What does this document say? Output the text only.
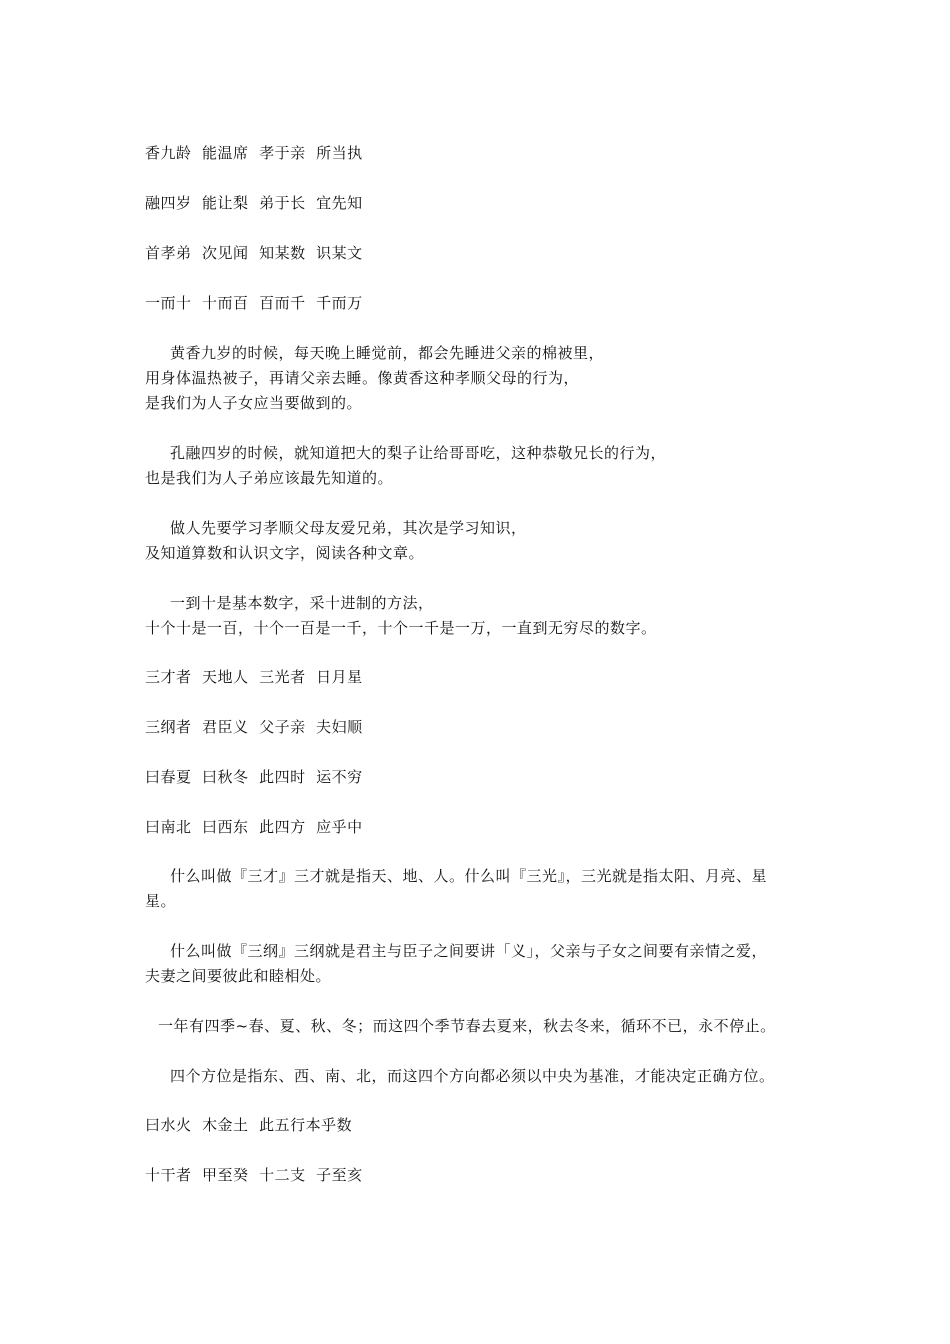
香九龄  能温席  孝于亲  所当执
融四岁  能让梨  弟于长  宜先知
首孝弟  次见闻  知某数  识某文
一而十  十而百  百而千  千而万
黄香九岁的时候，每天晚上睡觉前，都会先睡进父亲的棉被里，
用身体温热被子，再请父亲去睡。像黄香这种孝顺父母的行为，
是我们为人子女应当要做到的。
孔融四岁的时候，就知道把大的梨子让给哥哥吃，这种恭敬兄长的行为，
也是我们为人子弟应该最先知道的。
做人先要学习孝顺父母友爱兄弟，其次是学习知识，
及知道算数和认识文字，阅读各种文章。
一到十是基本数字，采十进制的方法，
十个十是一百，十个一百是一千，十个一千是一万，一直到无穷尽的数字。
三才者  天地人  三光者  日月星
三纲者  君臣义  父子亲  夫妇顺
曰春夏  曰秋冬  此四时  运不穷
曰南北  曰西东  此四方  应乎中
什么叫做『三才』三才就是指天、地、人。什么叫『三光』，三光就是指太阳、月亮、星
星。
什么叫做『三纲』三纲就是君主与臣子之间要讲「义」，父亲与子女之间要有亲情之爱，
夫妻之间要彼此和睦相处。
一年有四季~春、夏、秋、冬；而这四个季节春去夏来，秋去冬来，循环不已，永不停止。
四个方位是指东、西、南、北，而这四个方向都必须以中央为基准，才能决定正确方位。
曰水火  木金土  此五行本乎数
十干者  甲至癸  十二支  子至亥
